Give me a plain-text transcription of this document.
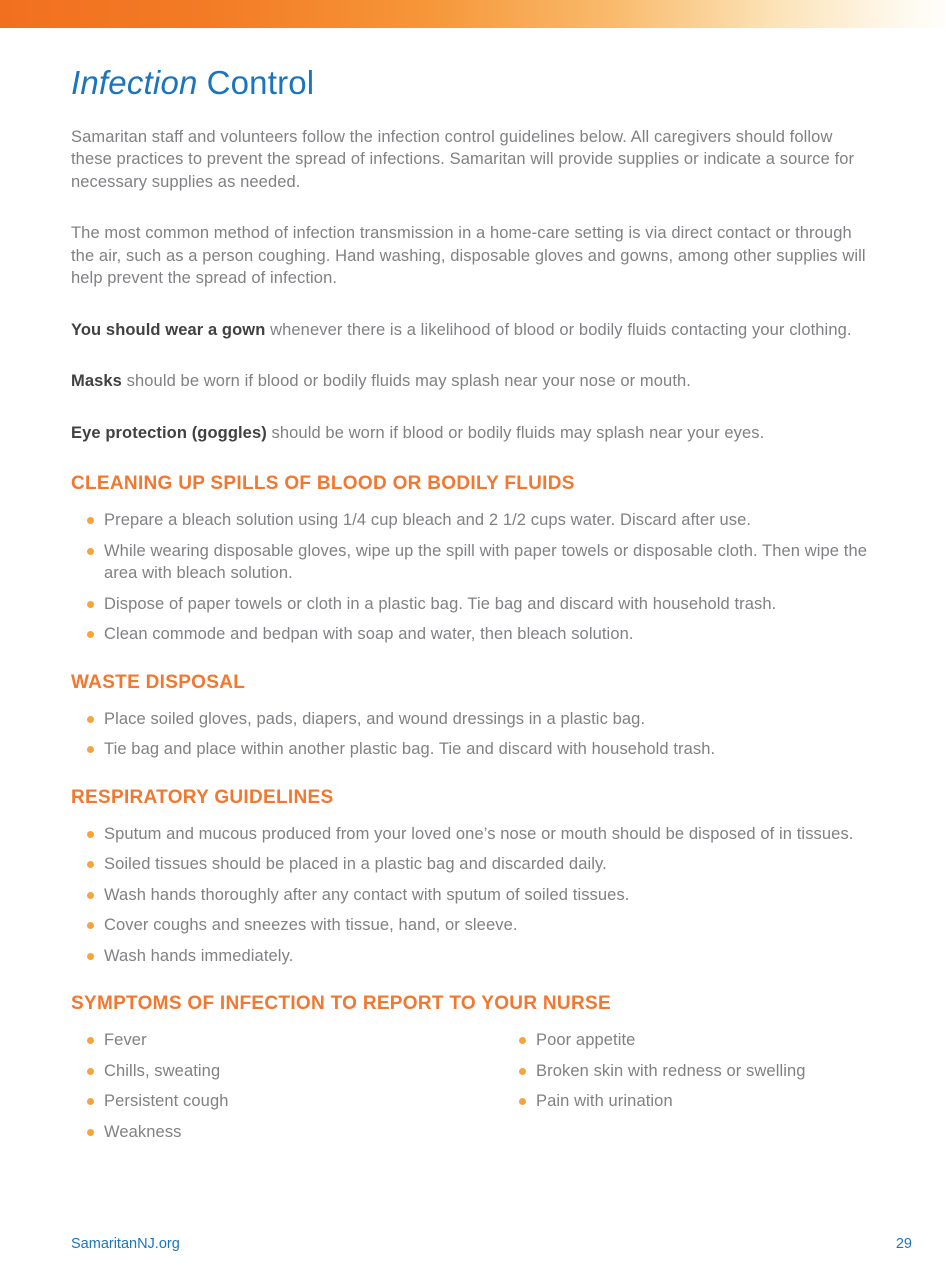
Infection Control

Samaritan staff and volunteers follow the infection control guidelines below. All caregivers should follow these practices to prevent the spread of infections. Samaritan will provide supplies or indicate a source for necessary supplies as needed.

The most common method of infection transmission in a home-care setting is via direct contact or through the air, such as a person coughing. Hand washing, disposable gloves and gowns, among other supplies will help prevent the spread of infection.

You should wear a gown whenever there is a likelihood of blood or bodily fluids contacting your clothing.

Masks should be worn if blood or bodily fluids may splash near your nose or mouth.

Eye protection (goggles) should be worn if blood or bodily fluids may splash near your eyes.

CLEANING UP SPILLS OF BLOOD OR BODILY FLUIDS
Prepare a bleach solution using 1/4 cup bleach and 2 1/2 cups water. Discard after use.
While wearing disposable gloves, wipe up the spill with paper towels or disposable cloth. Then wipe the area with bleach solution.
Dispose of paper towels or cloth in a plastic bag. Tie bag and discard with household trash.
Clean commode and bedpan with soap and water, then bleach solution.
WASTE DISPOSAL
Place soiled gloves, pads, diapers, and wound dressings in a plastic bag.
Tie bag and place within another plastic bag. Tie and discard with household trash.
RESPIRATORY GUIDELINES
Sputum and mucous produced from your loved one’s nose or mouth should be disposed of in tissues.
Soiled tissues should be placed in a plastic bag and discarded daily.
Wash hands thoroughly after any contact with sputum of soiled tissues.
Cover coughs and sneezes with tissue, hand, or sleeve.
Wash hands immediately.
SYMPTOMS OF INFECTION TO REPORT TO YOUR NURSE
Fever
Chills, sweating
Persistent cough
Weakness
Poor appetite
Broken skin with redness or swelling
Pain with urination
SamaritanNJ.org	29
